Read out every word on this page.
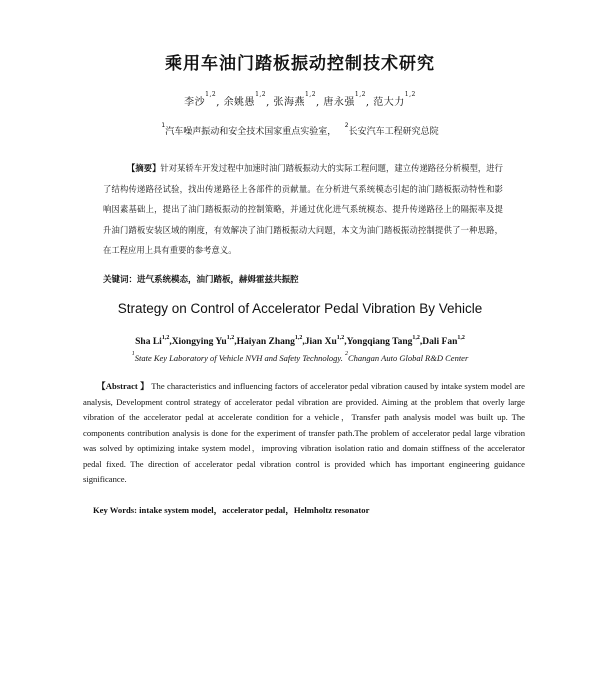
乘用车油门踏板振动控制技术研究
李沙$^{1,2}$, 余姚愚$^{1,2}$, 张海燕$^{1,2}$, 唐永强$^{1,2}$, 范大力$^{1,2}$
$^1$汽车噪声振动和安全技术国家重点实验室，   $^2$长安汽车工程研究总院
【摘要】针对某轿车开发过程中加速时油门踏板振动大的实际工程问题，建立传递路径分析模型，进行了结构传递路径试验，找出传递路径上各部件的贡献量。在分析进气系统模态引起的油门踏板振动特性和影响因素基础上，提出了油门踏板振动的控制策略，并通过优化进气系统模态、提升传递路径上的隔振率及提升油门踏板安装区域的刚度，有效解决了油门踏板振动大问题，本文为油门踏板振动控制提供了一种思路，在工程应用上具有重要的参考意义。
关键词：进气系统模态，油门踏板，赫姆霍兹共振腔
Strategy on Control of Accelerator Pedal Vibration By Vehicle
Sha Li$^{1,2}$,Xiongying Yu$^{1,2}$,Haiyan Zhang$^{1,2}$,Jian Xu$^{1,2}$,Yongqiang Tang$^{1,2}$,Dali Fan$^{1,2}$
$^1$State Key Laboratory of Vehicle NVH and Safety Technology. $^2$Changan Auto Global R&D Center
【Abstract 】 The characteristics and influencing factors of accelerator pedal vibration caused by intake system model are analysis, Development control strategy of accelerator pedal vibration are provided. Aiming at the problem that overly large vibration of the accelerator pedal at accelerate condition for a vehicle，Transfer path analysis model was built up. The components contribution analysis is done for the experiment of transfer path.The problem of accelerator pedal large vibration was solved by optimizing intake system model，improving vibration isolation ratio and domain stiffness of the accelerator pedal fixed. The direction of accelerator pedal vibration control is provided which has important engineering guidance significance.
Key Words: intake system model，accelerator pedal，Helmholtz resonator
